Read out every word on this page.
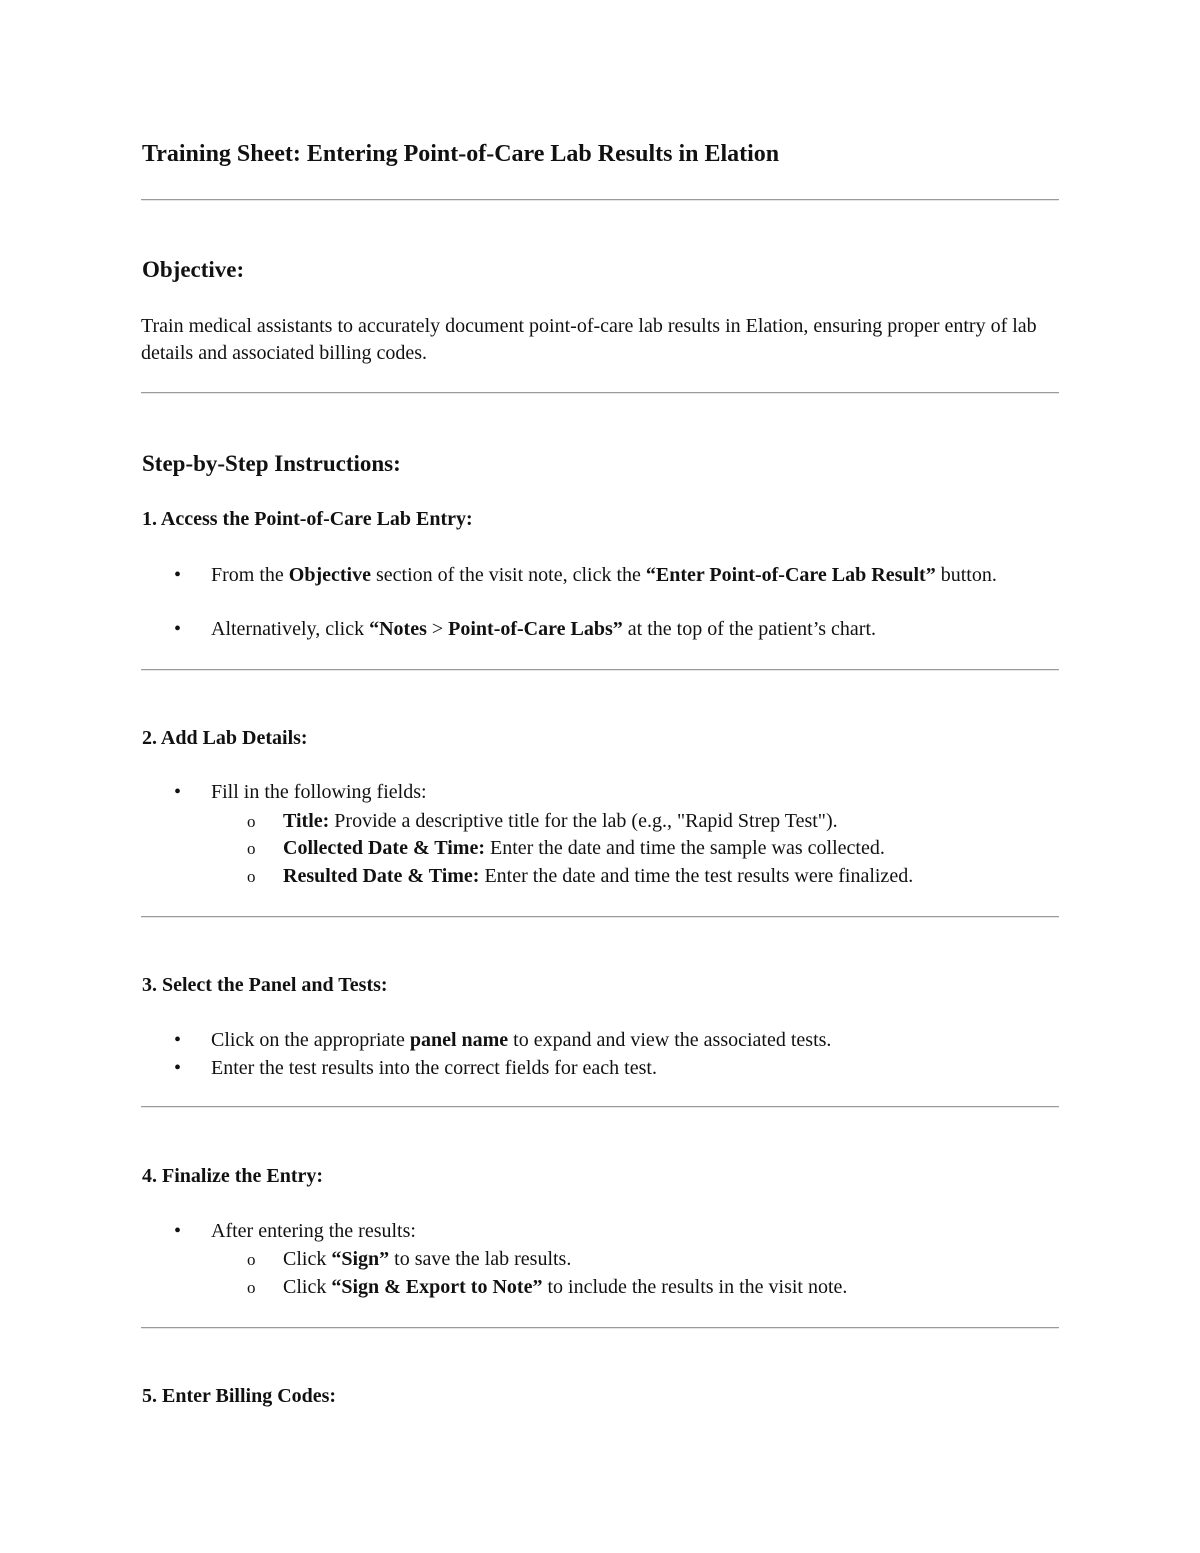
Training Sheet: Entering Point-of-Care Lab Results in Elation
Objective:

Train medical assistants to accurately document point-of-care lab results in Elation, ensuring proper entry of lab details and associated billing codes.

Step-by-Step Instructions:
1. Access the Point-of-Care Lab Entry:
• From the Objective section of the visit note, click the “Enter Point-of-Care Lab Result” button.
• Alternatively, click “Notes > Point-of-Care Labs” at the top of the patient’s chart.
2. Add Lab Details:
• Fill in the following fields:
o Title: Provide a descriptive title for the lab (e.g., "Rapid Strep Test").
o Collected Date & Time: Enter the date and time the sample was collected.
o Resulted Date & Time: Enter the date and time the test results were finalized.
3. Select the Panel and Tests:
• Click on the appropriate panel name to expand and view the associated tests.
• Enter the test results into the correct fields for each test.
4. Finalize the Entry:
• After entering the results:
o Click “Sign” to save the lab results.
o Click “Sign & Export to Note” to include the results in the visit note.
5. Enter Billing Codes:
